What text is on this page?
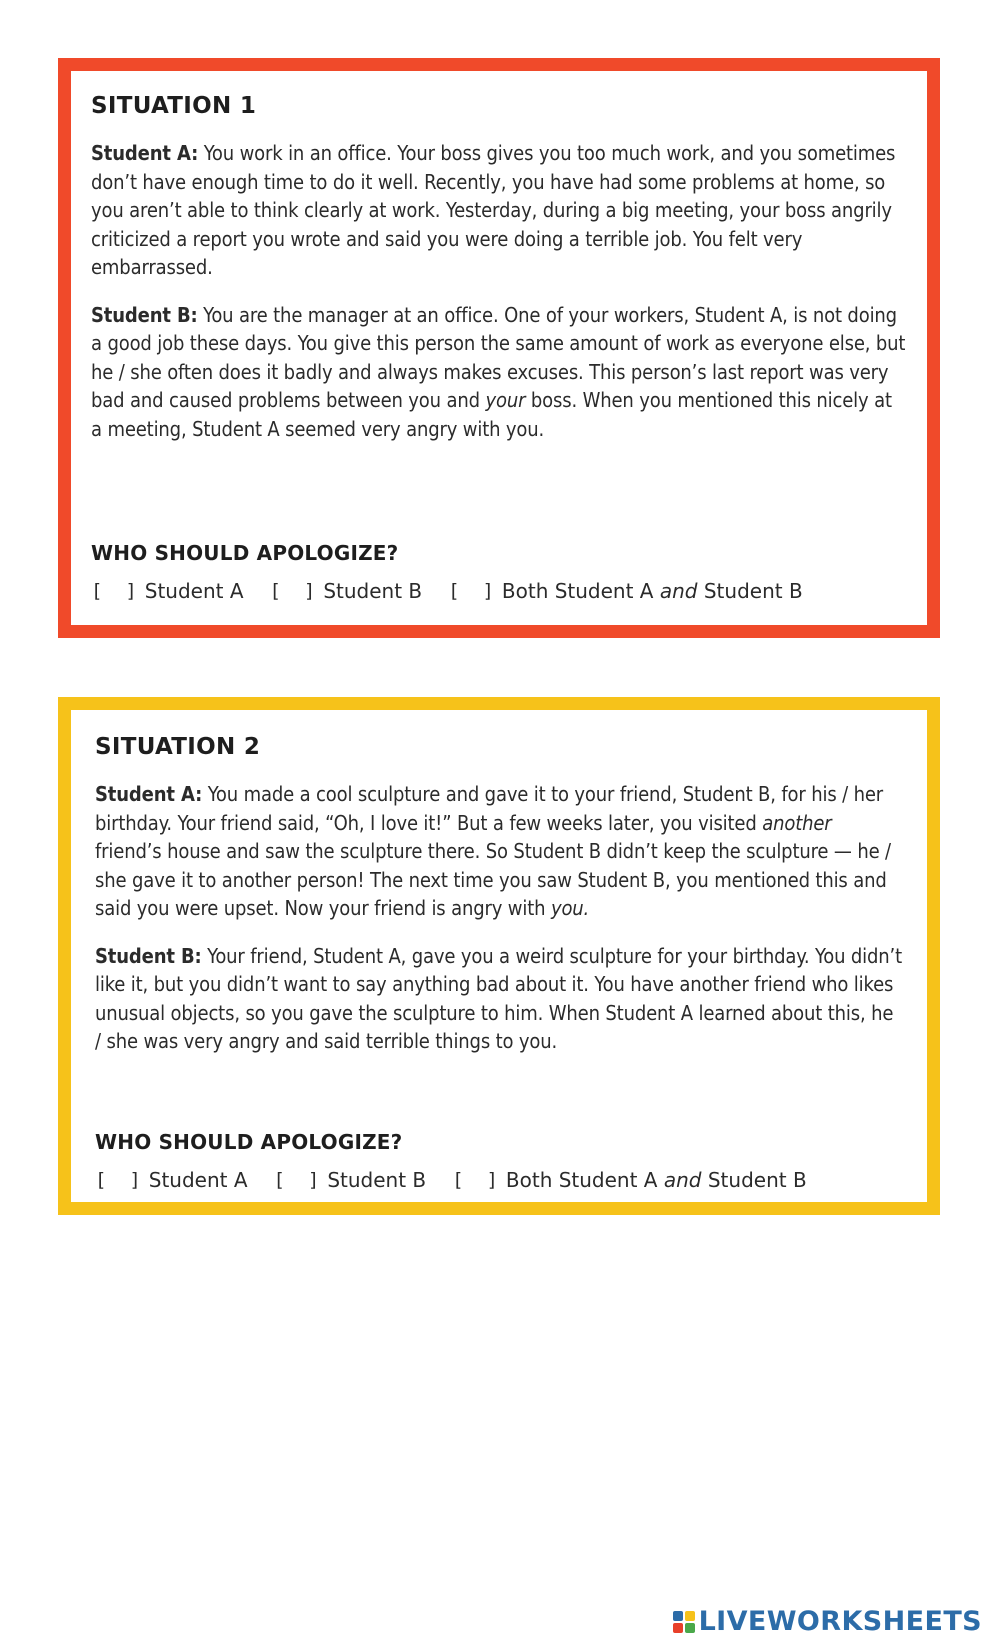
SITUATION 1

Student A: You work in an office. Your boss gives you too much work, and you sometimes don’t have enough time to do it well. Recently, you have had some problems at home, so you aren’t able to think clearly at work. Yesterday, during a big meeting, your boss angrily criticized a report you wrote and said you were doing a terrible job. You felt very embarrassed.

Student B: You are the manager at an office. One of your workers, Student A, is not doing a good job these days. You give this person the same amount of work as everyone else, but he / she often does it badly and always makes excuses. This person’s last report was very bad and caused problems between you and your boss. When you mentioned this nicely at a meeting, Student A seemed very angry with you.

WHO SHOULD APOLOGIZE?
[  ] Student A [  ] Student B [  ] Both Student A
and
Student B
SITUATION 2

Student A: You made a cool sculpture and gave it to your friend, Student B, for his / her birthday. Your friend said, “Oh, I love it!” But a few weeks later, you visited another friend’s house and saw the sculpture there. So Student B didn’t keep the sculpture — he / she gave it to another person! The next time you saw Student B, you mentioned this and said you were upset. Now your friend is angry with you.

Student B: Your friend, Student A, gave you a weird sculpture for your birthday. You didn’t like it, but you didn’t want to say anything bad about it. You have another friend who likes unusual objects, so you gave the sculpture to him. When Student A learned about this, he / she was very angry and said terrible things to you.

WHO SHOULD APOLOGIZE?
[  ] Student A [  ] Student B [  ] Both Student A
and
Student B
LIVEWORKSHEETS
